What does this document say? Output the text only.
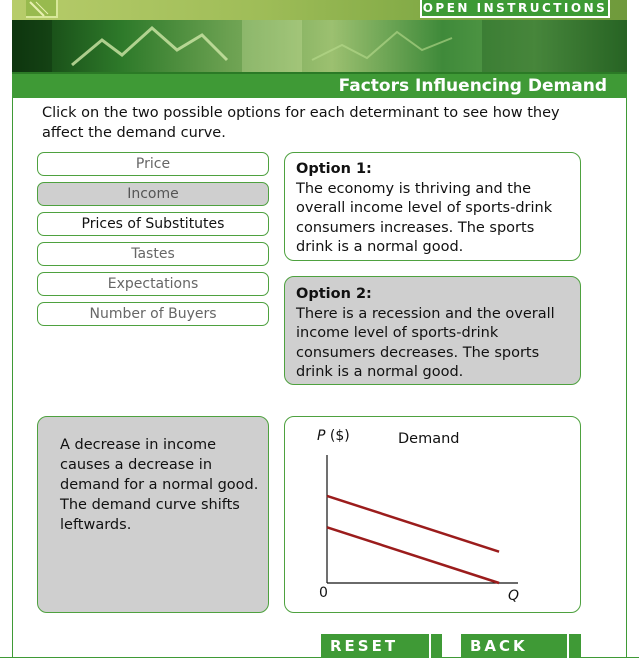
OPEN INSTRUCTIONS
Factors Influencing Demand
Click on the two possible options for each determinant to see how they affect the demand curve.
Price
Income
Prices of Substitutes
Tastes
Expectations
Number of Buyers
Option 1:
The economy is thriving and the overall income level of sports-drink consumers increases. The sports drink is a normal good.
Option 2:
There is a recession and the overall income level of sports-drink consumers decreases. The sports drink is a normal good.
A decrease in income causes a decrease in demand for a normal good. The demand curve shifts leftwards.
P ($)	Demand
0	Q
RESET	BACK
